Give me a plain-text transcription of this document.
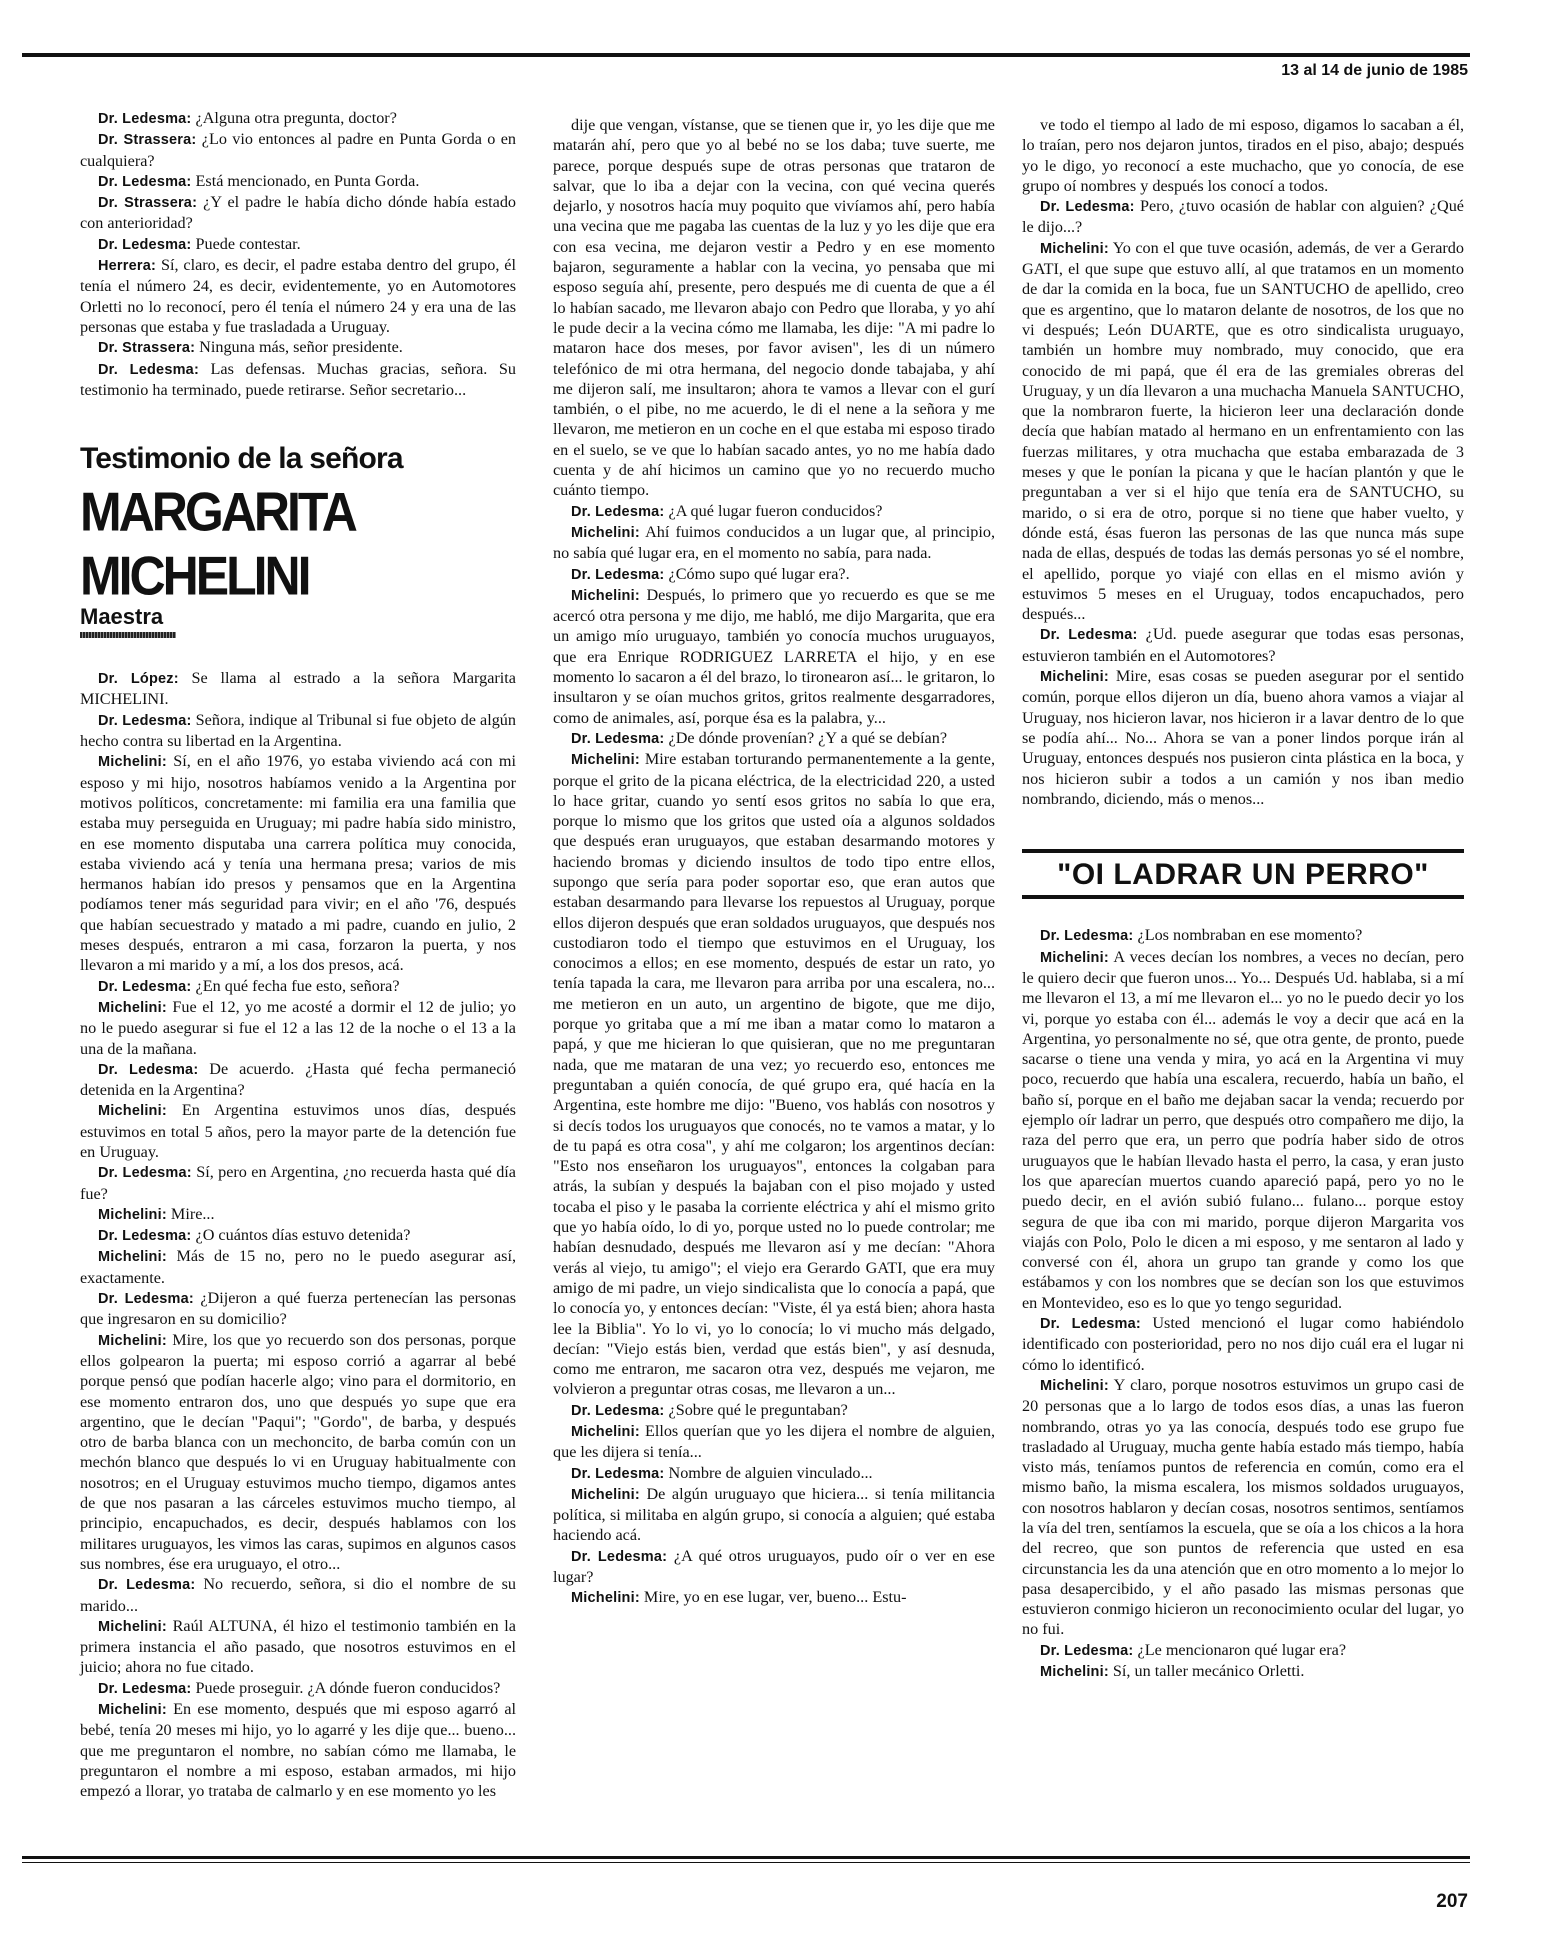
13 al 14 de junio de 1985

Dr. Ledesma: ¿Alguna otra pregunta, doctor?

Dr. Strassera: ¿Lo vio entonces al padre en Punta Gorda o en cualquiera?

Dr. Ledesma: Está mencionado, en Punta Gorda.

Dr. Strassera: ¿Y el padre le había dicho dónde había estado con anterioridad?

Dr. Ledesma: Puede contestar.

Herrera: Sí, claro, es decir, el padre estaba dentro del grupo, él tenía el número 24, es decir, evidentemente, yo en Automotores Orletti no lo reconocí, pero él tenía el número 24 y era una de las personas que estaba y fue trasladada a Uruguay.

Dr. Strassera: Ninguna más, señor presidente.

Dr. Ledesma: Las defensas. Muchas gracias, señora. Su testimonio ha terminado, puede retirarse. Señor secretario...

Testimonio de la señora
MARGARITA MICHELINI
Maestra

Dr. López: Se llama al estrado a la señora Margarita MICHELINI.

Dr. Ledesma: Señora, indique al Tribunal si fue objeto de algún hecho contra su libertad en la Argentina.

Michelini: Sí, en el año 1976, yo estaba viviendo acá con mi esposo y mi hijo, nosotros habíamos venido a la Argentina por motivos políticos, concretamente: mi familia era una familia que estaba muy perseguida en Uruguay; mi padre había sido ministro, en ese momento disputaba una carrera política muy conocida, estaba viviendo acá y tenía una hermana presa; varios de mis hermanos habían ido presos y pensamos que en la Argentina podíamos tener más seguridad para vivir; en el año '76, después que habían secuestrado y matado a mi padre, cuando en julio, 2 meses después, entraron a mi casa, forzaron la puerta, y nos llevaron a mi marido y a mí, a los dos presos, acá.

Dr. Ledesma: ¿En qué fecha fue esto, señora?

Michelini: Fue el 12, yo me acosté a dormir el 12 de julio; yo no le puedo asegurar si fue el 12 a las 12 de la noche o el 13 a la una de la mañana.

Dr. Ledesma: De acuerdo. ¿Hasta qué fecha permaneció detenida en la Argentina?

Michelini: En Argentina estuvimos unos días, después estuvimos en total 5 años, pero la mayor parte de la detención fue en Uruguay.

Dr. Ledesma: Sí, pero en Argentina, ¿no recuerda hasta qué día fue?

Michelini: Mire...

Dr. Ledesma: ¿O cuántos días estuvo detenida?

Michelini: Más de 15 no, pero no le puedo asegurar así, exactamente.

Dr. Ledesma: ¿Dijeron a qué fuerza pertenecían las personas que ingresaron en su domicilio?

Michelini: Mire, los que yo recuerdo son dos personas, porque ellos golpearon la puerta; mi esposo corrió a agarrar al bebé porque pensó que podían hacerle algo; vino para el dormitorio, en ese momento entraron dos, uno que después yo supe que era argentino, que le decían "Paqui"; "Gordo", de barba, y después otro de barba blanca con un mechoncito, de barba común con un mechón blanco que después lo vi en Uruguay habitualmente con nosotros; en el Uruguay estuvimos mucho tiempo, digamos antes de que nos pasaran a las cárceles estuvimos mucho tiempo, al principio, encapuchados, es decir, después hablamos con los militares uruguayos, les vimos las caras, supimos en algunos casos sus nombres, ése era uruguayo, el otro...

Dr. Ledesma: No recuerdo, señora, si dio el nombre de su marido...

Michelini: Raúl ALTUNA, él hizo el testimonio también en la primera instancia el año pasado, que nosotros estuvimos en el juicio; ahora no fue citado.

Dr. Ledesma: Puede proseguir. ¿A dónde fueron conducidos?

Michelini: En ese momento, después que mi esposo agarró al bebé, tenía 20 meses mi hijo, yo lo agarré y les dije que... bueno... que me preguntaron el nombre, no sabían cómo me llamaba, le preguntaron el nombre a mi esposo, estaban armados, mi hijo empezó a llorar, yo trataba de calmarlo y en ese momento yo les

dije que vengan, vístanse, que se tienen que ir, yo les dije que me matarán ahí, pero que yo al bebé no se los daba; tuve suerte, me parece, porque después supe de otras personas que trataron de salvar, que lo iba a dejar con la vecina, con qué vecina querés dejarlo, y nosotros hacía muy poquito que vivíamos ahí, pero había una vecina que me pagaba las cuentas de la luz y yo les dije que era con esa vecina, me dejaron vestir a Pedro y en ese momento bajaron, seguramente a hablar con la vecina, yo pensaba que mi esposo seguía ahí, presente, pero después me di cuenta de que a él lo habían sacado, me llevaron abajo con Pedro que lloraba, y yo ahí le pude decir a la vecina cómo me llamaba, les dije: "A mi padre lo mataron hace dos meses, por favor avisen", les di un número telefónico de mi otra hermana, del negocio donde tabajaba, y ahí me dijeron salí, me insultaron; ahora te vamos a llevar con el gurí también, o el pibe, no me acuerdo, le di el nene a la señora y me llevaron, me metieron en un coche en el que estaba mi esposo tirado en el suelo, se ve que lo habían sacado antes, yo no me había dado cuenta y de ahí hicimos un camino que yo no recuerdo mucho cuánto tiempo.

Dr. Ledesma: ¿A qué lugar fueron conducidos?

Michelini: Ahí fuimos conducidos a un lugar que, al principio, no sabía qué lugar era, en el momento no sabía, para nada.

Dr. Ledesma: ¿Cómo supo qué lugar era?.

Michelini: Después, lo primero que yo recuerdo es que se me acercó otra persona y me dijo, me habló, me dijo Margarita, que era un amigo mío uruguayo, también yo conocía muchos uruguayos, que era Enrique RODRIGUEZ LARRETA el hijo, y en ese momento lo sacaron a él del brazo, lo tironearon así... le gritaron, lo insultaron y se oían muchos gritos, gritos realmente desgarradores, como de animales, así, porque ésa es la palabra, y...

Dr. Ledesma: ¿De dónde provenían? ¿Y a qué se debían?

Michelini: Mire estaban torturando permanentemente a la gente, porque el grito de la picana eléctrica, de la electricidad 220, a usted lo hace gritar, cuando yo sentí esos gritos no sabía lo que era, porque lo mismo que los gritos que usted oía a algunos soldados que después eran uruguayos, que estaban desarmando motores y haciendo bromas y diciendo insultos de todo tipo entre ellos, supongo que sería para poder soportar eso, que eran autos que estaban desarmando para llevarse los repuestos al Uruguay, porque ellos dijeron después que eran soldados uruguayos, que después nos custodiaron todo el tiempo que estuvimos en el Uruguay, los conocimos a ellos; en ese momento, después de estar un rato, yo tenía tapada la cara, me llevaron para arriba por una escalera, no... me metieron en un auto, un argentino de bigote, que me dijo, porque yo gritaba que a mí me iban a matar como lo mataron a papá, y que me hicieran lo que quisieran, que no me preguntaran nada, que me mataran de una vez; yo recuerdo eso, entonces me preguntaban a quién conocía, de qué grupo era, qué hacía en la Argentina, este hombre me dijo: "Bueno, vos hablás con nosotros y si decís todos los uruguayos que conocés, no te vamos a matar, y lo de tu papá es otra cosa", y ahí me colgaron; los argentinos decían: "Esto nos enseñaron los uruguayos", entonces la colgaban para atrás, la subían y después la bajaban con el piso mojado y usted tocaba el piso y le pasaba la corriente eléctrica y ahí el mismo grito que yo había oído, lo di yo, porque usted no lo puede controlar; me habían desnudado, después me llevaron así y me decían: "Ahora verás al viejo, tu amigo"; el viejo era Gerardo GATI, que era muy amigo de mi padre, un viejo sindicalista que lo conocía a papá, que lo conocía yo, y entonces decían: "Viste, él ya está bien; ahora hasta lee la Biblia". Yo lo vi, yo lo conocía; lo vi mucho más delgado, decían: "Viejo estás bien, verdad que estás bien", y así desnuda, como me entraron, me sacaron otra vez, después me vejaron, me volvieron a preguntar otras cosas, me llevaron a un...

Dr. Ledesma: ¿Sobre qué le preguntaban?

Michelini: Ellos querían que yo les dijera el nombre de alguien, que les dijera si tenía...

Dr. Ledesma: Nombre de alguien vinculado...

Michelini: De algún uruguayo que hiciera... si tenía militancia política, si militaba en algún grupo, si conocía a alguien; qué estaba haciendo acá.

Dr. Ledesma: ¿A qué otros uruguayos, pudo oír o ver en ese lugar?

Michelini: Mire, yo en ese lugar, ver, bueno... Estu-

ve todo el tiempo al lado de mi esposo, digamos lo sacaban a él, lo traían, pero nos dejaron juntos, tirados en el piso, abajo; después yo le digo, yo reconocí a este muchacho, que yo conocía, de ese grupo oí nombres y después los conocí a todos.

Dr. Ledesma: Pero, ¿tuvo ocasión de hablar con alguien? ¿Qué le dijo...?

Michelini: Yo con el que tuve ocasión, además, de ver a Gerardo GATI, el que supe que estuvo allí, al que tratamos en un momento de dar la comida en la boca, fue un SANTUCHO de apellido, creo que es argentino, que lo mataron delante de nosotros, de los que no vi después; León DUARTE, que es otro sindicalista uruguayo, también un hombre muy nombrado, muy conocido, que era conocido de mi papá, que él era de las gremiales obreras del Uruguay, y un día llevaron a una muchacha Manuela SANTUCHO, que la nombraron fuerte, la hicieron leer una declaración donde decía que habían matado al hermano en un enfrentamiento con las fuerzas militares, y otra muchacha que estaba embarazada de 3 meses y que le ponían la picana y que le hacían plantón y que le preguntaban a ver si el hijo que tenía era de SANTUCHO, su marido, o si era de otro, porque si no tiene que haber vuelto, y dónde está, ésas fueron las personas de las que nunca más supe nada de ellas, después de todas las demás personas yo sé el nombre, el apellido, porque yo viajé con ellas en el mismo avión y estuvimos 5 meses en el Uruguay, todos encapuchados, pero después...

Dr. Ledesma: ¿Ud. puede asegurar que todas esas personas, estuvieron también en el Automotores?

Michelini: Mire, esas cosas se pueden asegurar por el sentido común, porque ellos dijeron un día, bueno ahora vamos a viajar al Uruguay, nos hicieron lavar, nos hicieron ir a lavar dentro de lo que se podía ahí... No... Ahora se van a poner lindos porque irán al Uruguay, entonces después nos pusieron cinta plástica en la boca, y nos hicieron subir a todos a un camión y nos iban medio nombrando, diciendo, más o menos...

"OI LADRAR UN PERRO"

Dr. Ledesma: ¿Los nombraban en ese momento?

Michelini: A veces decían los nombres, a veces no decían, pero le quiero decir que fueron unos... Yo... Después Ud. hablaba, si a mí me llevaron el 13, a mí me llevaron el... yo no le puedo decir yo los vi, porque yo estaba con él... además le voy a decir que acá en la Argentina, yo personalmente no sé, que otra gente, de pronto, puede sacarse o tiene una venda y mira, yo acá en la Argentina vi muy poco, recuerdo que había una escalera, recuerdo, había un baño, el baño sí, porque en el baño me dejaban sacar la venda; recuerdo por ejemplo oír ladrar un perro, que después otro compañero me dijo, la raza del perro que era, un perro que podría haber sido de otros uruguayos que le habían llevado hasta el perro, la casa, y eran justo los que aparecían muertos cuando apareció papá, pero yo no le puedo decir, en el avión subió fulano... fulano... porque estoy segura de que iba con mi marido, porque dijeron Margarita vos viajás con Polo, Polo le dicen a mi esposo, y me sentaron al lado y conversé con él, ahora un grupo tan grande y como los que estábamos y con los nombres que se decían son los que estuvimos en Montevideo, eso es lo que yo tengo seguridad.

Dr. Ledesma: Usted mencionó el lugar como habiéndolo identificado con posterioridad, pero no nos dijo cuál era el lugar ni cómo lo identificó.

Michelini: Y claro, porque nosotros estuvimos un grupo casi de 20 personas que a lo largo de todos esos días, a unas las fueron nombrando, otras yo ya las conocía, después todo ese grupo fue trasladado al Uruguay, mucha gente había estado más tiempo, había visto más, teníamos puntos de referencia en común, como era el mismo baño, la misma escalera, los mismos soldados uruguayos, con nosotros hablaron y decían cosas, nosotros sentimos, sentíamos la vía del tren, sentíamos la escuela, que se oía a los chicos a la hora del recreo, que son puntos de referencia que usted en esa circunstancia les da una atención que en otro momento a lo mejor lo pasa desapercibido, y el año pasado las mismas personas que estuvieron conmigo hicieron un reconocimiento ocular del lugar, yo no fui.

Dr. Ledesma: ¿Le mencionaron qué lugar era?

Michelini: Sí, un taller mecánico Orletti.

207
